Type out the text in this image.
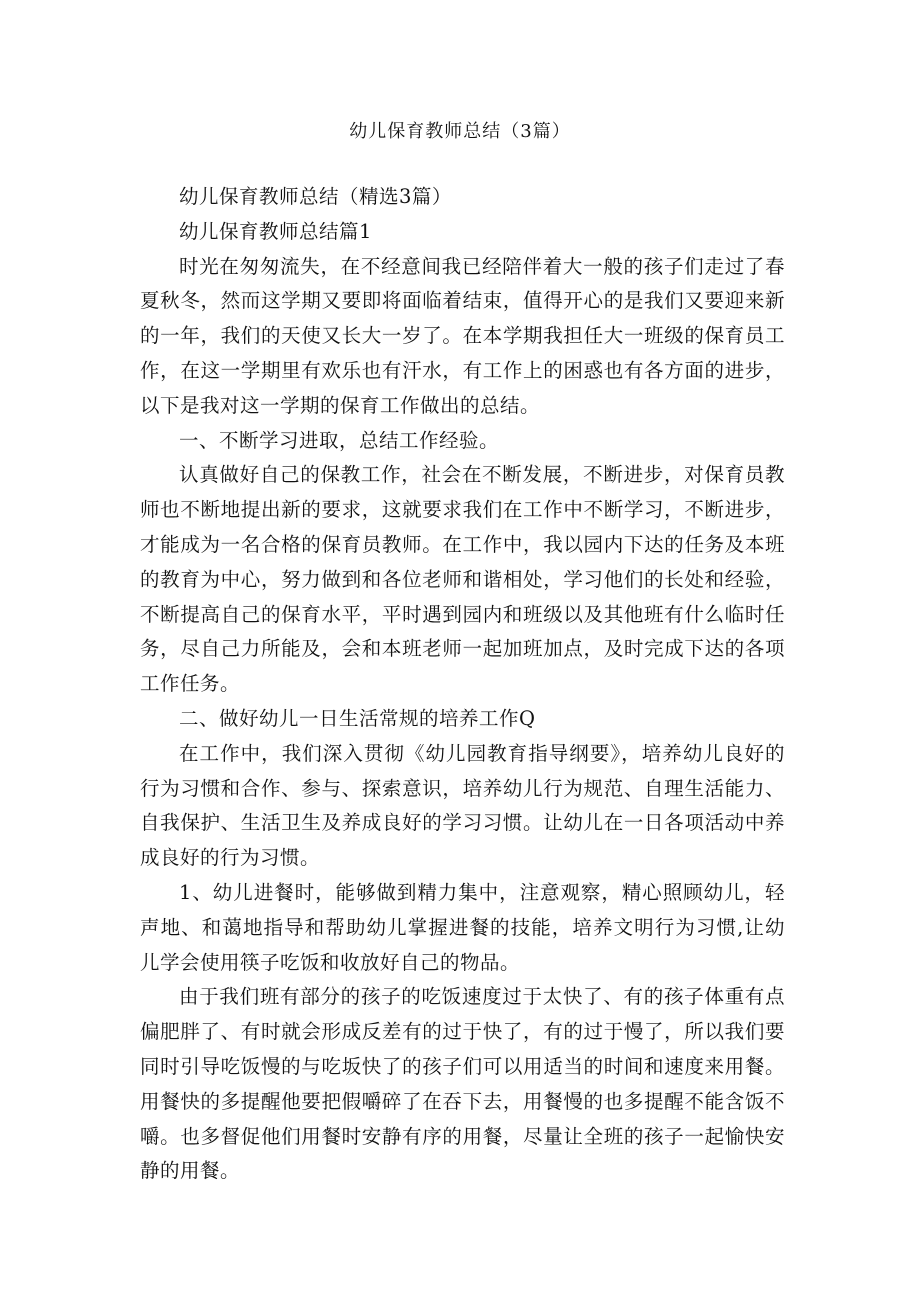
幼儿保育教师总结（3篇）

幼儿保育教师总结（精选3篇）

幼儿保育教师总结篇1

时光在匆匆流失，在不经意间我已经陪伴着大一般的孩子们走过了春夏秋冬，然而这学期又要即将面临着结束，值得开心的是我们又要迎来新的一年，我们的天使又长大一岁了。在本学期我担任大一班级的保育员工作，在这一学期里有欢乐也有汗水，有工作上的困惑也有各方面的进步，以下是我对这一学期的保育工作做出的总结。

一、不断学习进取，总结工作经验。

认真做好自己的保教工作，社会在不断发展，不断进步，对保育员教师也不断地提出新的要求，这就要求我们在工作中不断学习，不断进步，才能成为一名合格的保育员教师。在工作中，我以园内下达的任务及本班的教育为中心，努力做到和各位老师和谐相处，学习他们的长处和经验，不断提高自己的保育水平，平时遇到园内和班级以及其他班有什么临时任务，尽自己力所能及，会和本班老师一起加班加点，及时完成下达的各项工作任务。

二、做好幼儿一日生活常规的培养工作Q

在工作中，我们深入贯彻《幼儿园教育指导纲要》，培养幼儿良好的行为习惯和合作、参与、探索意识，培养幼儿行为规范、自理生活能力、自我保护、生活卫生及养成良好的学习习惯。让幼儿在一日各项活动中养成良好的行为习惯。

1、幼儿进餐时，能够做到精力集中，注意观察，精心照顾幼儿，轻声地、和蔼地指导和帮助幼儿掌握进餐的技能，培养文明行为习惯,让幼儿学会使用筷子吃饭和收放好自己的物品。

由于我们班有部分的孩子的吃饭速度过于太快了、有的孩子体重有点偏肥胖了、有时就会形成反差有的过于快了，有的过于慢了，所以我们要同时引导吃饭慢的与吃坂快了的孩子们可以用适当的时间和速度来用餐。用餐快的多提醒他要把假嚼碎了在吞下去，用餐慢的也多提醒不能含饭不嚼。也多督促他们用餐时安静有序的用餐，尽量让全班的孩子一起愉快安静的用餐。
